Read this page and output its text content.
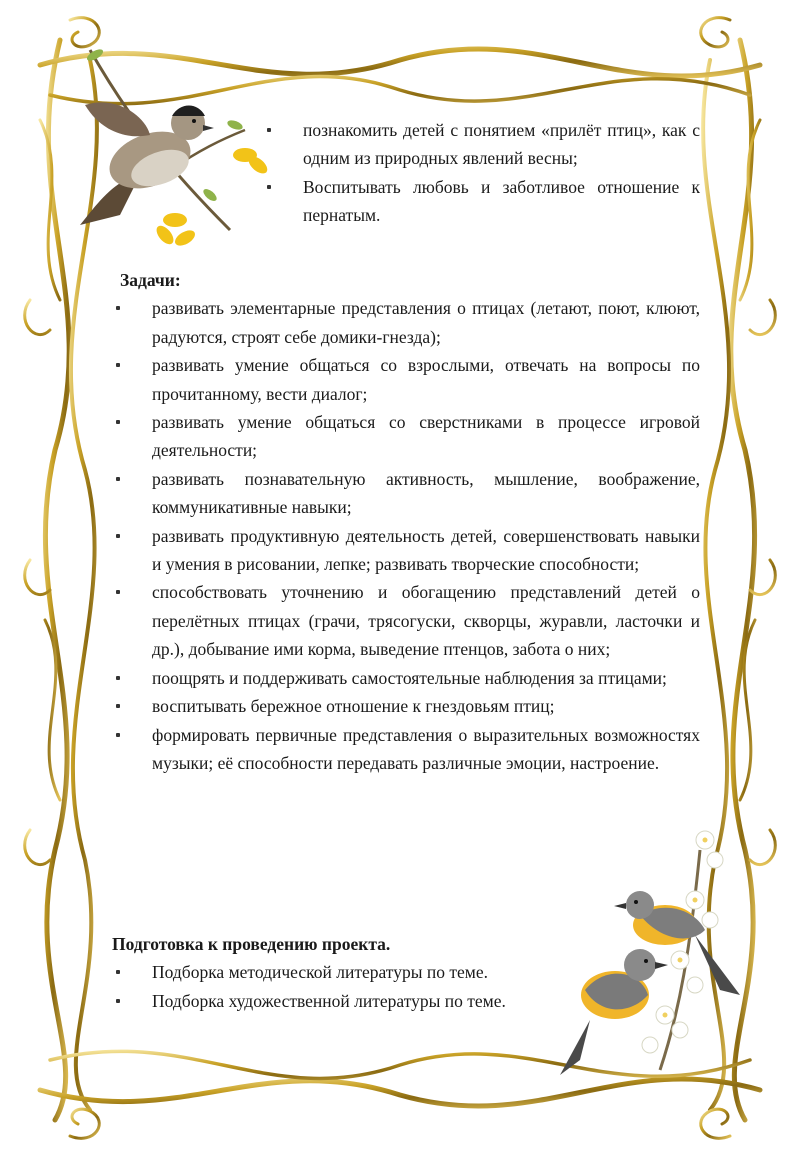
познакомить детей с понятием «прилёт птиц», как с одним из природных явлений весны;
Воспитывать любовь и заботливое отношение к пернатым.
Задачи:
развивать элементарные представления о птицах (летают, поют, клюют, радуются, строят себе домики-гнезда);
развивать умение общаться со взрослыми, отвечать на вопросы по прочитанному, вести диалог;
развивать умение общаться со сверстниками в процессе игровой деятельности;
развивать познавательную активность, мышление, воображение, коммуникативные навыки;
развивать продуктивную деятельность детей, совершенствовать навыки и умения в рисовании, лепке; развивать творческие способности;
способствовать уточнению и обогащению представлений детей о перелётных птицах (грачи, трясогуски, скворцы, журавли, ласточки и др.), добывание ими корма, выведение птенцов, забота о них;
поощрять и поддерживать самостоятельные наблюдения за птицами;
воспитывать бережное отношение к гнездовьям птиц;
формировать первичные представления о выразительных возможностях музыки; её способности передавать различные эмоции, настроение.
Подготовка к проведению проекта.
Подборка методической литературы по теме.
Подборка художественной литературы по теме.
